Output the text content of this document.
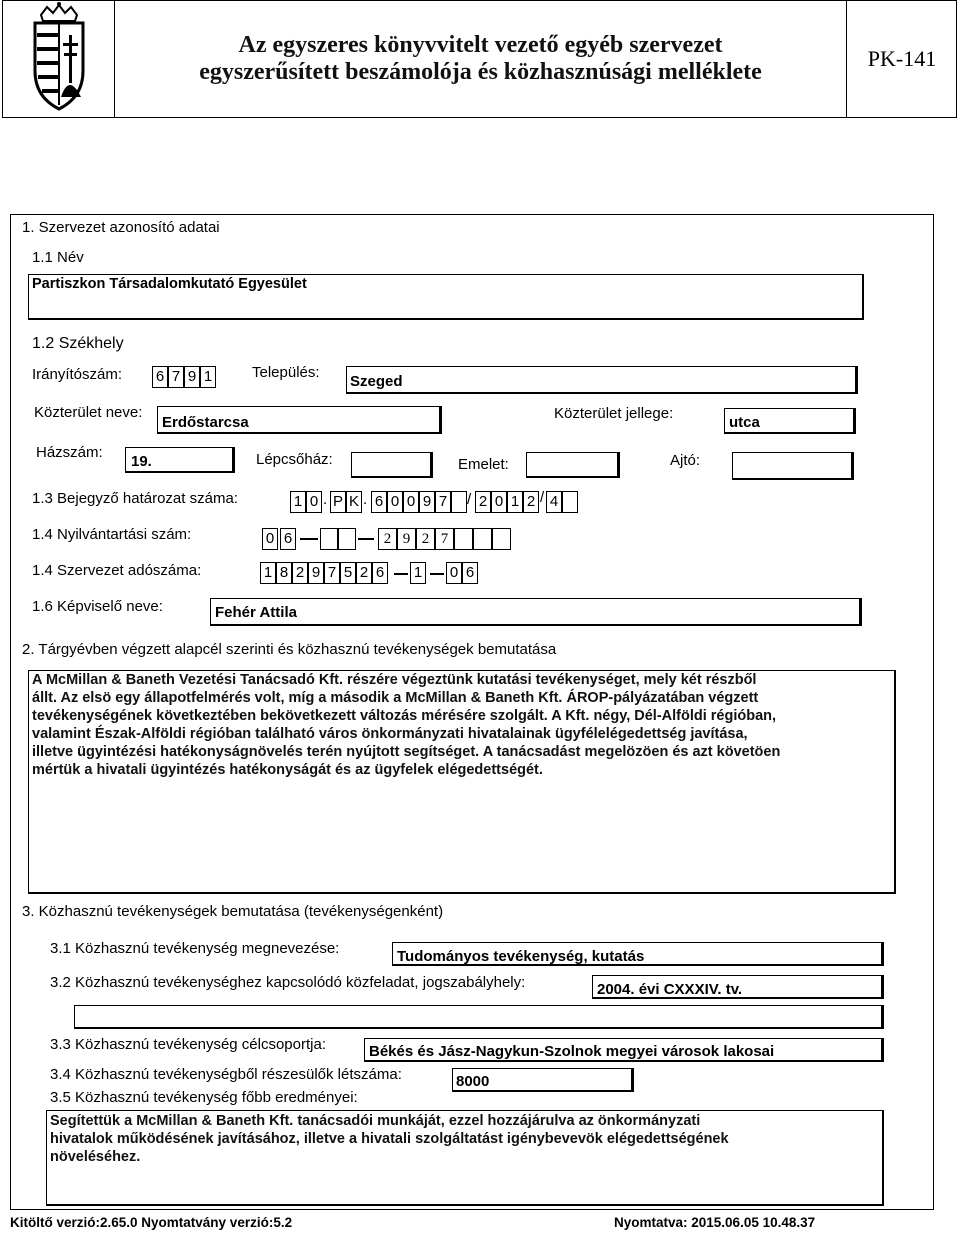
Az egyszeres könyvvitelt vezető egyéb szervezet
egyszerűsített beszámolója és közhasznúsági melléklete
PK-141
1. Szervezet azonosító adatai
1.1 Név
Partiszkon Társadalomkutató Egyesület
1.2 Székhely
Irányítószám: 6 7 9 1	Település:
Szeged
Közterület neve:
Erdőstarcsa
Közterület jellege:
utca
Házszám:
19.	Lépcsőház:	Emelet:	Ajtó:
1.3 Bejegyző határozat száma:	1 0 . P K . 6 0 0 9 7 / 2 0 1 2 / 4
1.4 Nyilvántartási szám:	0 6	2 9 2 7
1.4 Szervezet adószáma:	1 8 2 9 7 5 2 6 1 0 6
1.6 Képviselő neve:	Fehér Attila
2. Tárgyévben végzett alapcél szerinti és közhasznú tevékenységek bemutatása
A McMillan & Baneth Vezetési Tanácsadó Kft. részére végeztünk kutatási tevékenységet, mely két részből
állt. Az elsö egy állapotfelmérés volt, míg a második a McMillan & Baneth Kft. ÁROP-pályázatában végzett
tevékenységének következtében bekövetkezett változás mérésére szolgált. A Kft. négy, Dél-Alföldi régióban,
valamint Észak-Alföldi régióban található város önkormányzati hivatalainak ügyfélelégedettség javítása,
illetve ügyintézési hatékonyságnövelés terén nyújtott segítséget. A tanácsadást megelözöen és azt követöen
mértük a hivatali ügyintézés hatékonyságát és az ügyfelek elégedettségét.
3. Közhasznú tevékenységek bemutatása (tevékenységenként)
3.1 Közhasznú tevékenység megnevezése:	Tudományos tevékenység, kutatás
3.2 Közhasznú tevékenységhez kapcsolódó közfeladat, jogszabályhely:	2004. évi CXXXIV. tv.
3.3 Közhasznú tevékenység célcsoportja:	Békés és Jász-Nagykun-Szolnok megyei városok lakosai
3.4 Közhasznú tevékenységből részesülők létszáma:	8000
3.5 Közhasznú tevékenység főbb eredményei:
Segítettük a McMillan & Baneth Kft. tanácsadói munkáját, ezzel hozzájárulva az önkormányzati
hivatalok működésének javításához, illetve a hivatali szolgáltatást igénybevevök elégedettségének
növeléséhez.
Kitöltő verzió:2.65.0 Nyomtatvány verzió:5.2	Nyomtatva: 2015.06.05 10.48.37
